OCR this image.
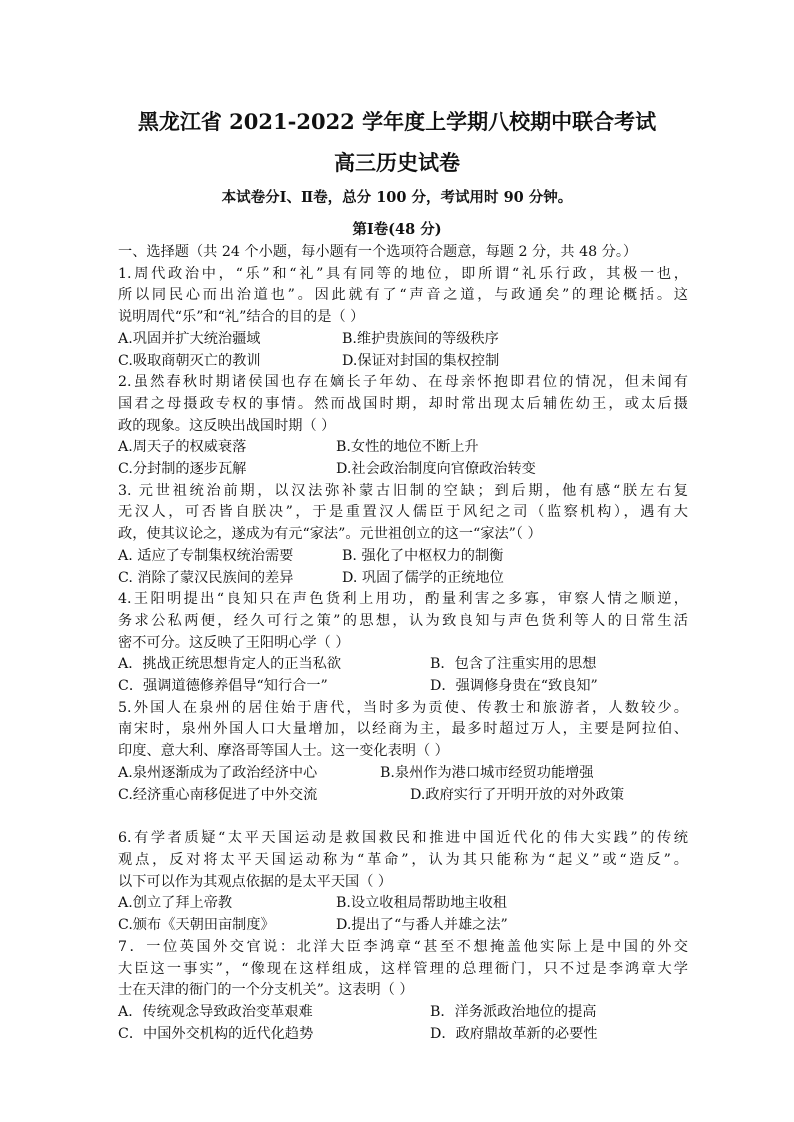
黑龙江省 2021-2022 学年度上学期八校期中联合考试
高三历史试卷
本试卷分Ⅰ、Ⅱ卷，总分 100 分，考试用时 90 分钟。
第Ⅰ卷(48 分)
一、选择题（共 24 个小题，每小题有一个选项符合题意，每题 2 分，共 48 分。）
1.周代政治中，“乐”和“礼”具有同等的地位，即所谓“礼乐行政，其极一也，
所以同民心而出治道也”。因此就有了“声音之道，与政通矣”的理论概括。这
说明周代“乐”和“礼”结合的目的是（ ）
A.巩固并扩大统治疆域	B.维护贵族间的等级秩序
C.吸取商朝灭亡的教训	D.保证对封国的集权控制
2.虽然春秋时期诸侯国也存在嫡长子年幼、在母亲怀抱即君位的情况，但未闻有
国君之母摄政专权的事情。然而战国时期，却时常出现太后辅佐幼王，或太后摄
政的现象。这反映出战国时期（ ）
A.周天子的权威衰落	B.女性的地位不断上升
C.分封制的逐步瓦解	D.社会政治制度向官僚政治转变
3. 元世祖统治前期，以汉法弥补蒙古旧制的空缺；到后期，他有感“朕左右复
无汉人，可否皆自朕决”，于是重置汉人儒臣于风纪之司（监察机构），遇有大
政，使其议论之，遂成为有元“家法”。元世祖创立的这一“家法”（ ）
A. 适应了专制集权统治需要	B. 强化了中枢权力的制衡
C. 消除了蒙汉民族间的差异	D. 巩固了儒学的正统地位
4.王阳明提出“良知只在声色货利上用功，酌量利害之多寡，审察人情之顺逆，
务求公私两便，经久可行之策”的思想，认为致良知与声色货利等人的日常生活
密不可分。这反映了王阳明心学（ ）
A．挑战正统思想肯定人的正当私欲	B．包含了注重实用的思想
C．强调道德修养倡导“知行合一”	D．强调修身贵在“致良知”
5.外国人在泉州的居住始于唐代，当时多为贡使、传教士和旅游者，人数较少。
南宋时，泉州外国人口大量增加，以经商为主，最多时超过万人，主要是阿拉伯、
印度、意大利、摩洛哥等国人士。这一变化表明（ ）
A.泉州逐渐成为了政治经济中心	B.泉州作为港口城市经贸功能增强
C.经济重心南移促进了中外交流	D.政府实行了开明开放的对外政策
6.有学者质疑“太平天国运动是救国救民和推进中国近代化的伟大实践”的传统
观点，反对将太平天国运动称为“革命”，认为其只能称为“起义”或“造反”。
以下可以作为其观点依据的是太平天国（ ）
A.创立了拜上帝教	B.设立收租局帮助地主收租
C.颁布《天朝田亩制度》	D.提出了“与番人并雄之法”
7．一位英国外交官说：北洋大臣李鸿章“甚至不想掩盖他实际上是中国的外交
大臣这一事实”，“像现在这样组成，这样管理的总理衙门，只不过是李鸿章大学
士在天津的衙门的一个分支机关”。这表明（ ）
A．传统观念导致政治变革艰难	B．洋务派政治地位的提高
C．中国外交机构的近代化趋势	D．政府鼎故革新的必要性
